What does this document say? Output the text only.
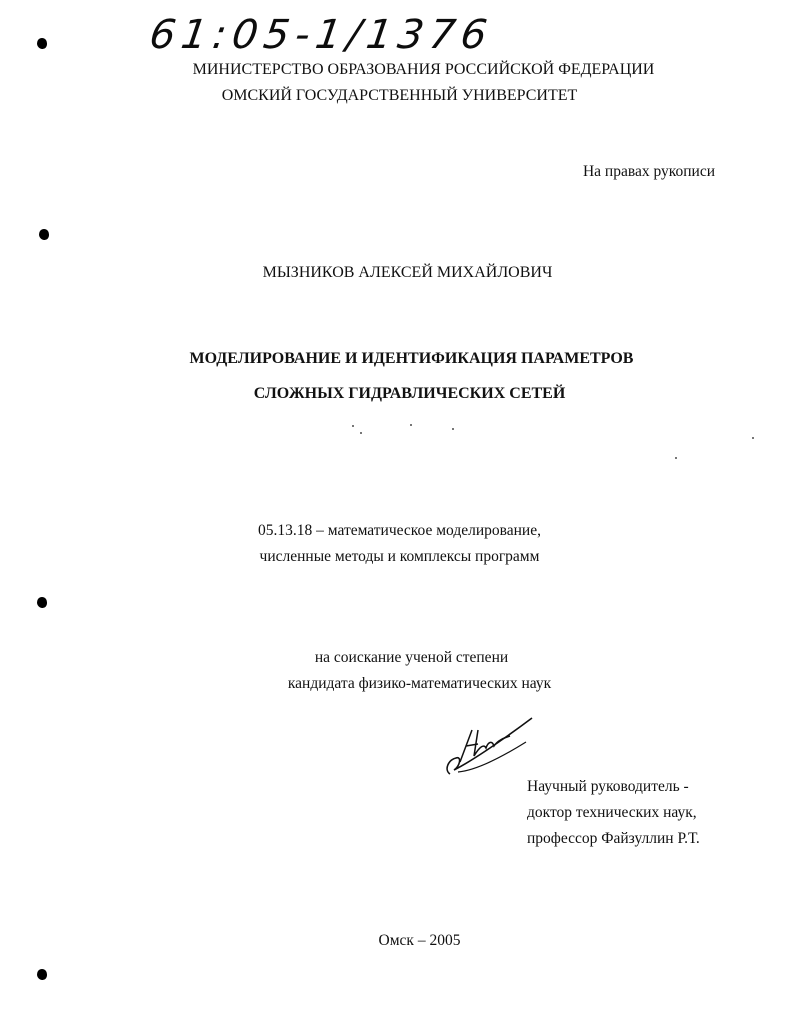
61:05-1/1376
МИНИСТЕРСТВО ОБРАЗОВАНИЯ РОССИЙСКОЙ ФЕДЕРАЦИИ
ОМСКИЙ ГОСУДАРСТВЕННЫЙ УНИВЕРСИТЕТ
На правах рукописи
МЫЗНИКОВ АЛЕКСЕЙ МИХАЙЛОВИЧ
МОДЕЛИРОВАНИЕ И ИДЕНТИФИКАЦИЯ ПАРАМЕТРОВ
СЛОЖНЫХ ГИДРАВЛИЧЕСКИХ СЕТЕЙ
05.13.18 – математическое моделирование,
численные методы и комплексы программ
на соискание ученой степени
кандидата физико-математических наук
Научный руководитель -
доктор технических наук,
профессор Файзуллин Р.Т.
Омск – 2005
